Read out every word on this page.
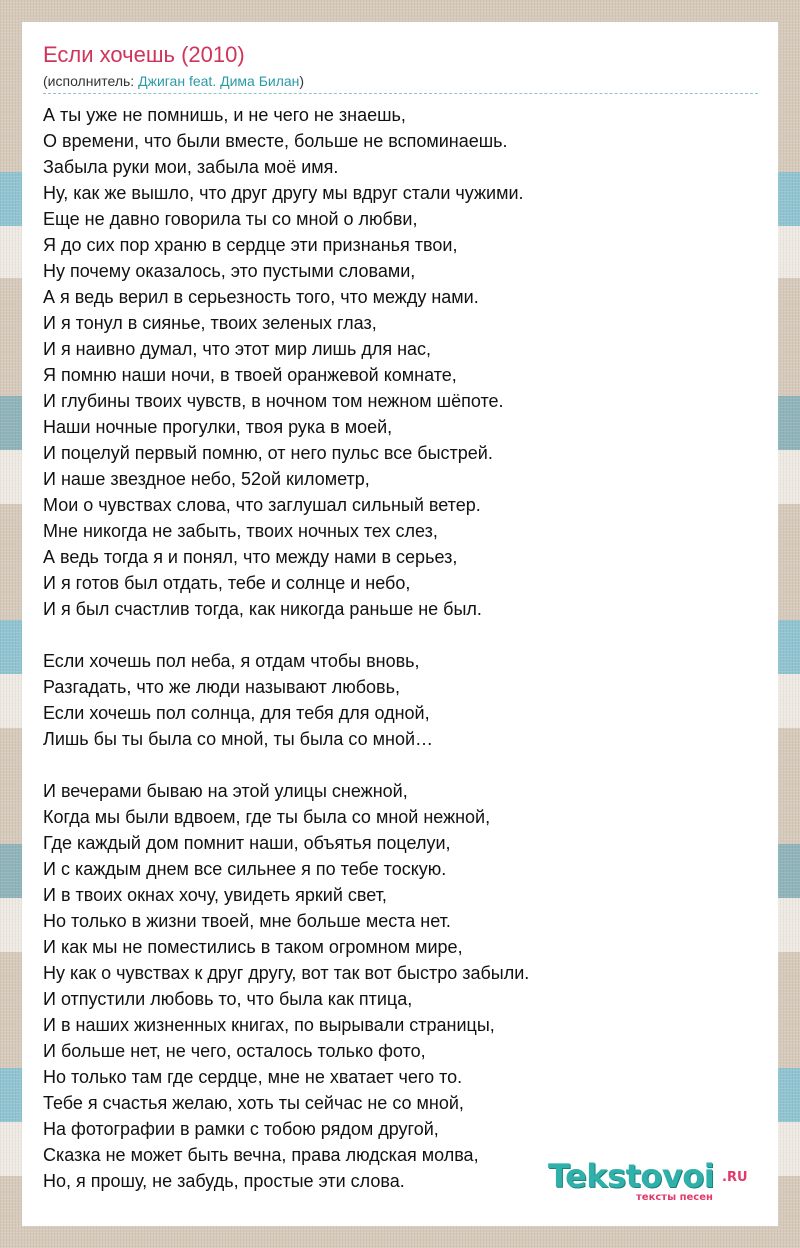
Если хочешь (2010)
(исполнитель: Джиган feat. Дима Билан)
А ты уже не помнишь, и не чего не знаешь,
О времени, что были вместе, больше не вспоминаешь.
Забыла руки мои, забыла моё имя.
Ну, как же вышло, что друг другу мы вдруг стали чужими.
Еще не давно говорила ты со мной о любви,
Я до сих пор храню в сердце эти признанья твои,
Ну почему оказалось, это пустыми словами,
А я ведь верил в серьезность того, что между нами.
И я тонул в сиянье, твоих зеленых глаз,
И я наивно думал, что этот мир лишь для нас,
Я помню наши ночи, в твоей оранжевой комнате,
И глубины твоих чувств, в ночном том нежном шёпоте.
Наши ночные прогулки, твоя рука в моей,
И поцелуй первый помню, от него пульс все быстрей.
И наше звездное небо, 52ой километр,
Мои о чувствах слова, что заглушал сильный ветер.
Мне никогда не забыть, твоих ночных тех слез,
А ведь тогда я и понял, что между нами в серьез,
И я готов был отдать, тебе и солнце и небо,
И я был счастлив тогда, как никогда раньше не был.
Если хочешь пол неба, я отдам чтобы вновь,
Разгадать, что же люди называют любовь,
Если хочешь пол солнца, для тебя для одной,
Лишь бы ты была со мной, ты была со мной…
И вечерами бываю на этой улицы снежной,
Когда мы были вдвоем, где ты была со мной нежной,
Где каждый дом помнит наши, объятья поцелуи,
И с каждым днем все сильнее я по тебе тоскую.
И в твоих окнах хочу, увидеть яркий свет,
Но только в жизни твоей, мне больше места нет.
И как мы не поместились в таком огромном мире,
Ну как о чувствах к друг другу, вот так вот быстро забыли.
И отпустили любовь то, что была как птица,
И в наших жизненных книгах, по вырывали страницы,
И больше нет, не чего, осталось только фото,
Но только там где сердце, мне не хватает чего то.
Тебе я счастья желаю, хоть ты сейчас не со мной,
На фотографии в рамки с тобою рядом другой,
Сказка не может быть вечна, права людская молва,
Но, я прошу, не забудь, простые эти слова.	Tekstovoi .RU
тексты песен
